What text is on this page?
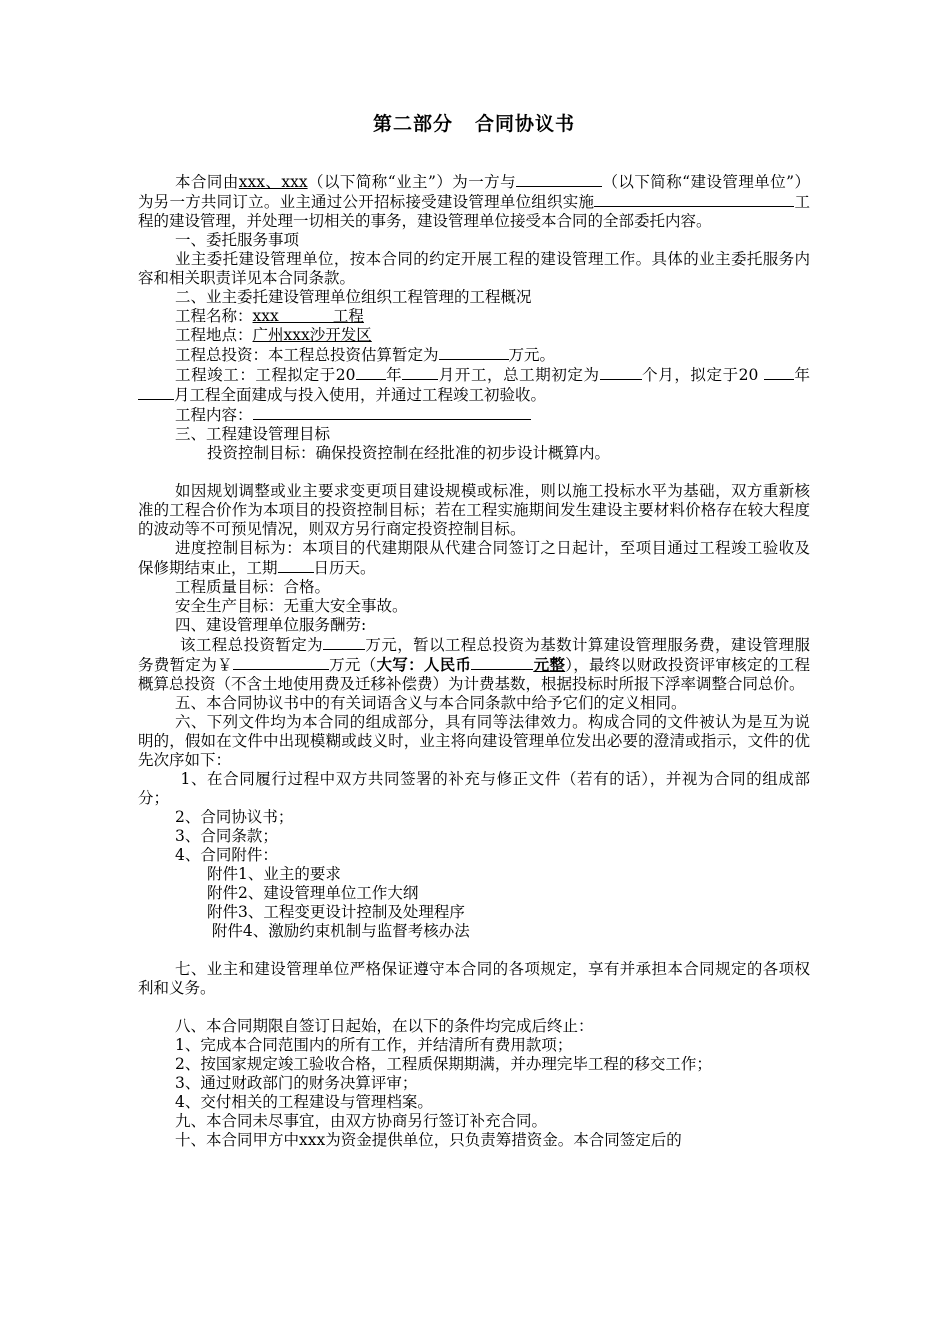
第二部分 合同协议书

本合同由xxx、xxx（以下简称“业主”）为一方与	（以下简称“建设管理单位”）为另一方共同订立。业主通过公开招标接受建设管理单位组织实施	工程的建设管理，并处理一切相关的事务，建设管理单位接受本合同的全部委托内容。

一、委托服务事项

业主委托建设管理单位，按本合同的约定开展工程的建设管理工作。具体的业主委托服务内容和相关职责详见本合同条款。

二、业主委托建设管理单位组织工程管理的工程概况

工程名称：xxx           工程

工程地点：广州xxx沙开发区

工程总投资：本工程总投资估算暂定为	万元。

工程竣工：工程拟定于20 年 月开工，总工期初定为	个月，拟定于20 年月工程全面建成与投入使用，并通过工程竣工初验收。

工程内容：

三、工程建设管理目标

投资控制目标：确保投资控制在经批准的初步设计概算内。

如因规划调整或业主要求变更项目建设规模或标准，则以施工投标水平为基础，双方重新核准的工程合价作为本项目的投资控制目标；若在工程实施期间发生建设主要材料价格存在较大程度的波动等不可预见情况，则双方另行商定投资控制目标。

进度控制目标为：本项目的代建期限从代建合同签订之日起计，至项目通过工程竣工验收及保修期结束止，工期 日历天。

工程质量目标：合格。

安全生产目标：无重大安全事故。

四、建设管理单位服务酬劳:

该工程总投资暂定为	万元，暂以工程总投资为基数计算建设管理服务费，建设管理服务费暂定为￥	万元（大写：人民币	元整），最终以财政投资评审核定的工程概算总投资（不含土地使用费及迁移补偿费）为计费基数，根据投标时所报下浮率调整合同总价。

五、本合同协议书中的有关词语含义与本合同条款中给予它们的定义相同。

六、下列文件均为本合同的组成部分，具有同等法律效力。构成合同的文件被认为是互为说明的，假如在文件中出现模糊或歧义时，业主将向建设管理单位发出必要的澄清或指示，文件的优先次序如下：

1、在合同履行过程中双方共同签署的补充与修正文件（若有的话），并视为合同的组成部分；

2、合同协议书；

3、合同条款；

4、合同附件：

附件1、业主的要求

附件2、建设管理单位工作大纲

附件3、工程变更设计控制及处理程序

附件4、激励约束机制与监督考核办法

七、业主和建设管理单位严格保证遵守本合同的各项规定，享有并承担本合同规定的各项权利和义务。

八、本合同期限自签订日起始，在以下的条件均完成后终止：

1、完成本合同范围内的所有工作，并结清所有费用款项；

2、按国家规定竣工验收合格，工程质保期期满，并办理完毕工程的移交工作；

3、通过财政部门的财务决算评审；

4、交付相关的工程建设与管理档案。

九、本合同未尽事宜，由双方协商另行签订补充合同。

十、本合同甲方中xxx为资金提供单位，只负责筹措资金。本合同签定后的
